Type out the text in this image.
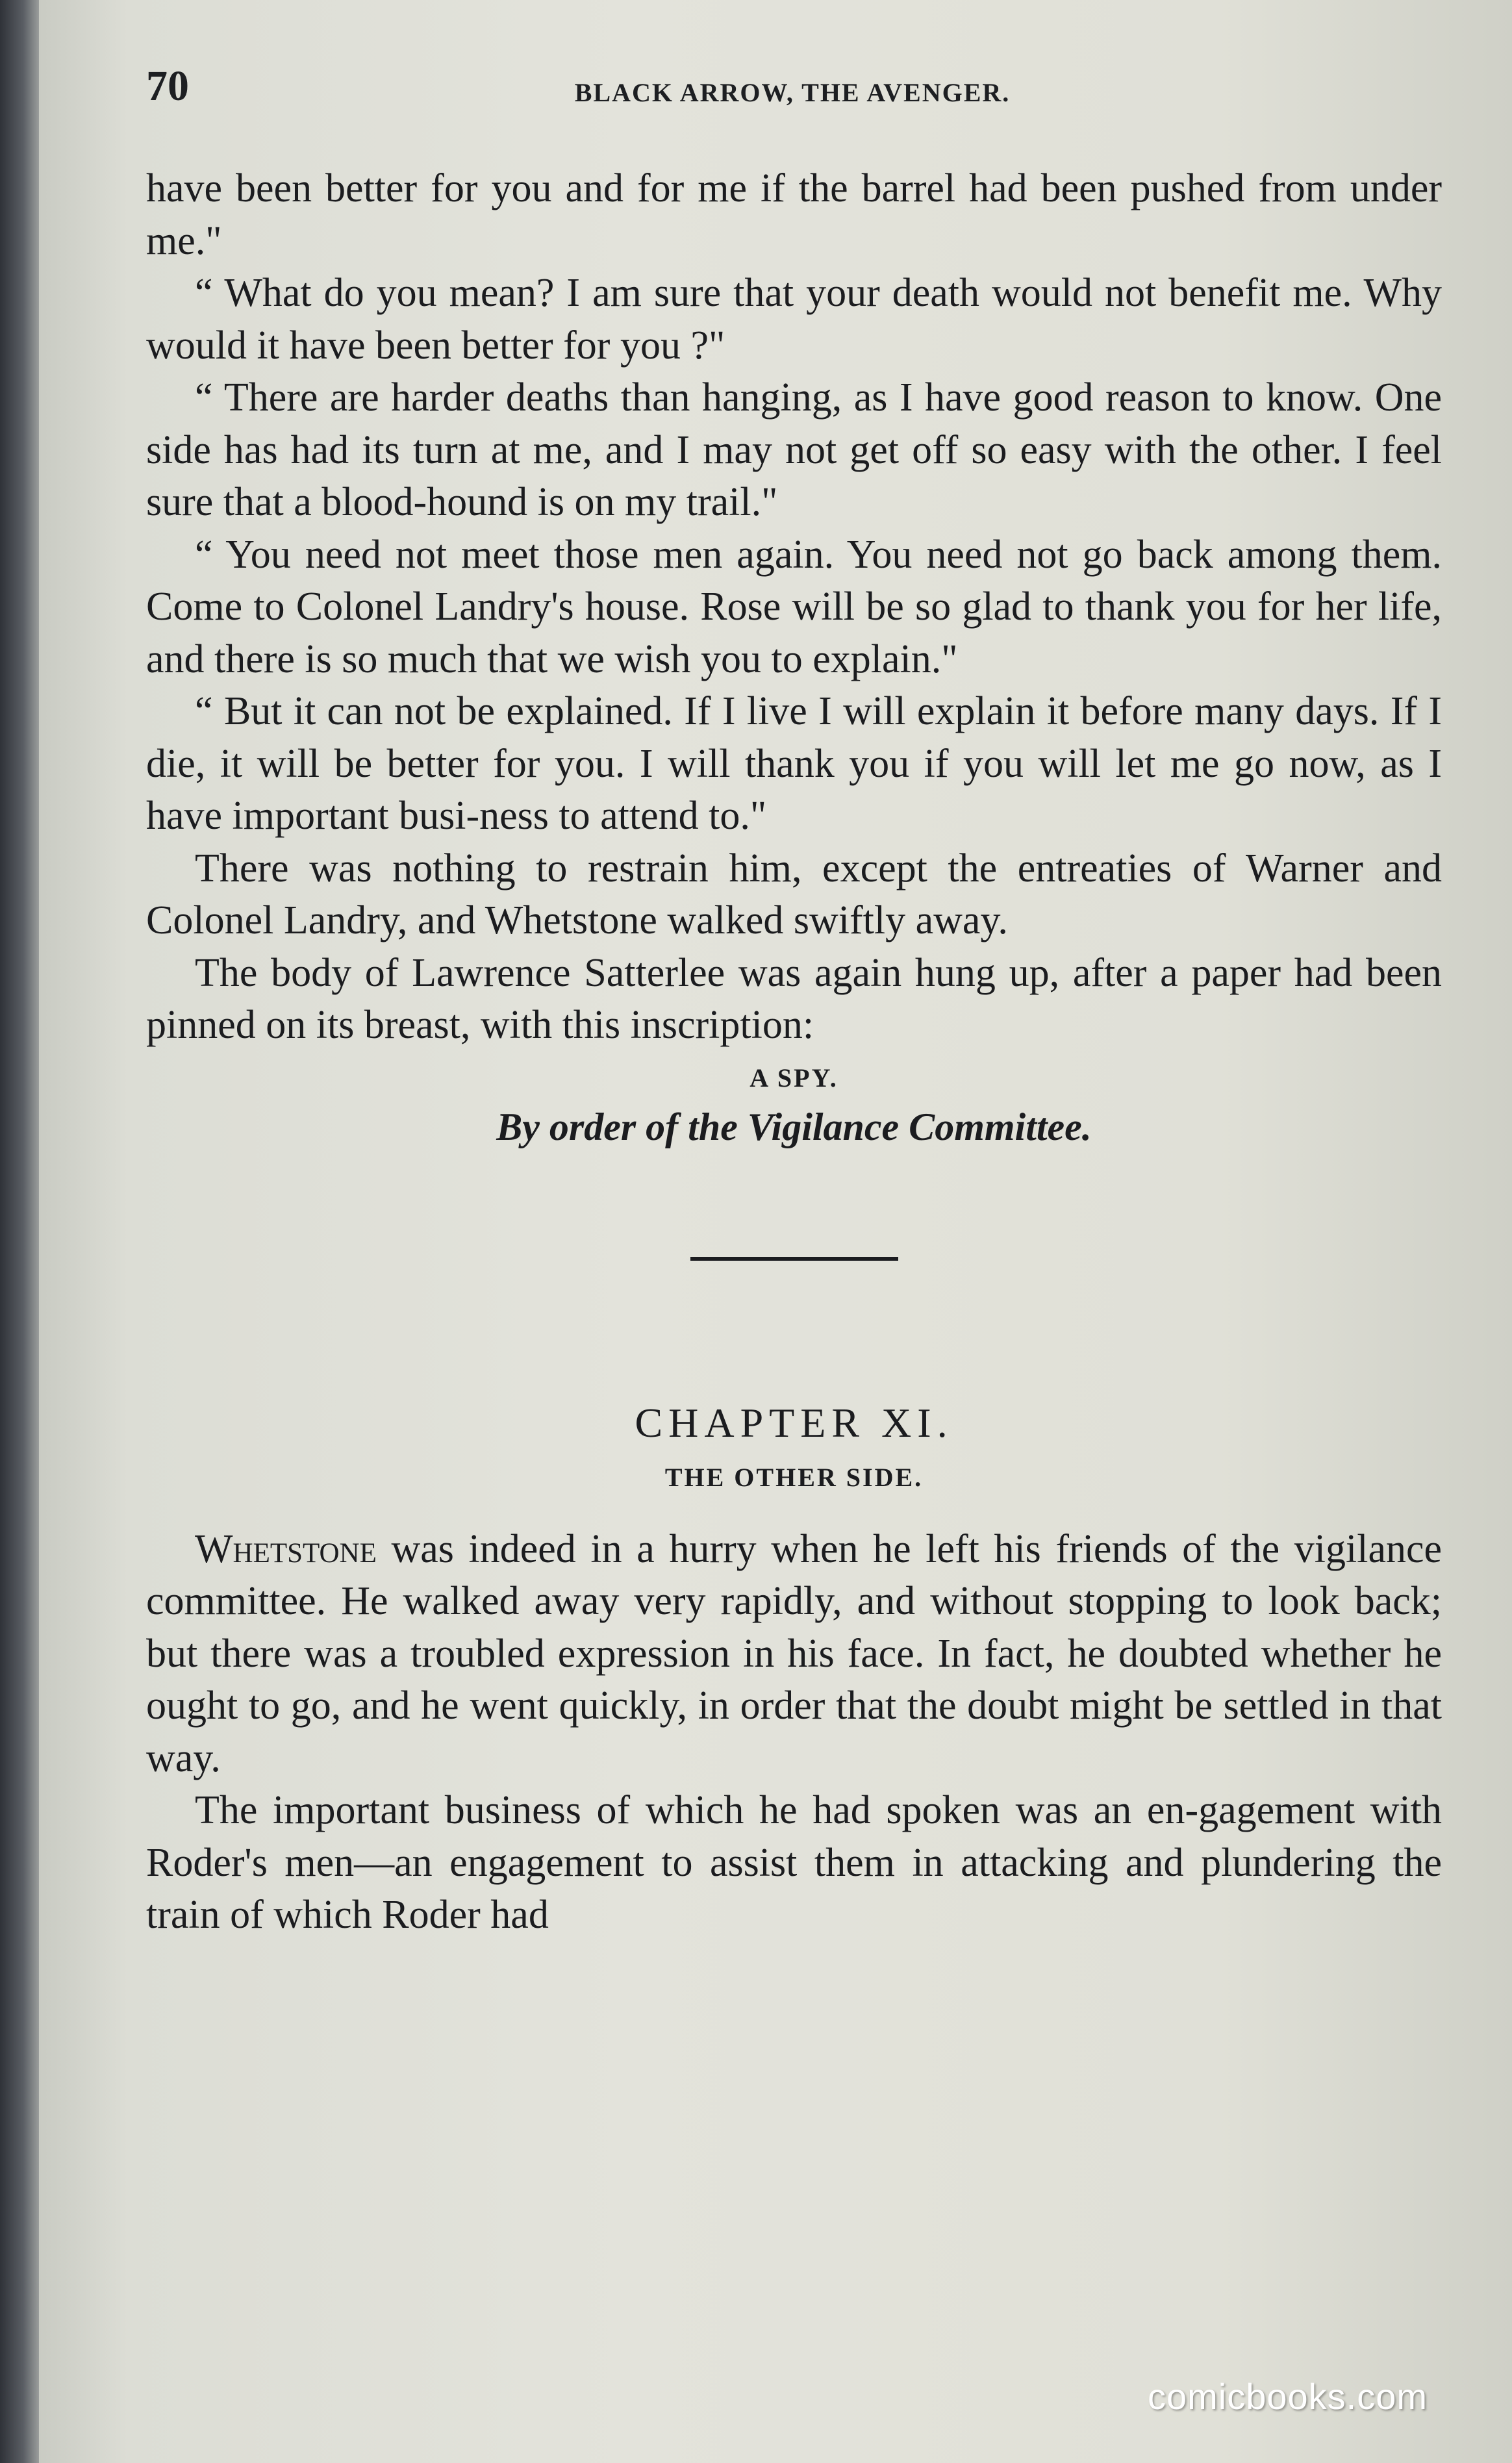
70	BLACK ARROW, THE AVENGER.

have been better for you and for me if the barrel had been pushed from under me."

“ What do you mean? I am sure that your death would not benefit me. Why would it have been better for you ?"

“ There are harder deaths than hanging, as I have good reason to know. One side has had its turn at me, and I may not get off so easy with the other. I feel sure that a blood-hound is on my trail."

“ You need not meet those men again. You need not go back among them. Come to Colonel Landry's house. Rose will be so glad to thank you for her life, and there is so much that we wish you to explain."

“ But it can not be explained. If I live I will explain it before many days. If I die, it will be better for you. I will thank you if you will let me go now, as I have important busi-ness to attend to."

There was nothing to restrain him, except the entreaties of Warner and Colonel Landry, and Whetstone walked swiftly away.

The body of Lawrence Satterlee was again hung up, after a paper had been pinned on its breast, with this inscription:

A SPY.

By order of the Vigilance Committee.

CHAPTER XI.

THE OTHER SIDE.

Whetstone was indeed in a hurry when he left his friends of the vigilance committee. He walked away very rapidly, and without stopping to look back; but there was a troubled expression in his face. In fact, he doubted whether he ought to go, and he went quickly, in order that the doubt might be settled in that way.

The important business of which he had spoken was an en-gagement with Roder's men—an engagement to assist them in attacking and plundering the train of which Roder had

comicbooks.com
